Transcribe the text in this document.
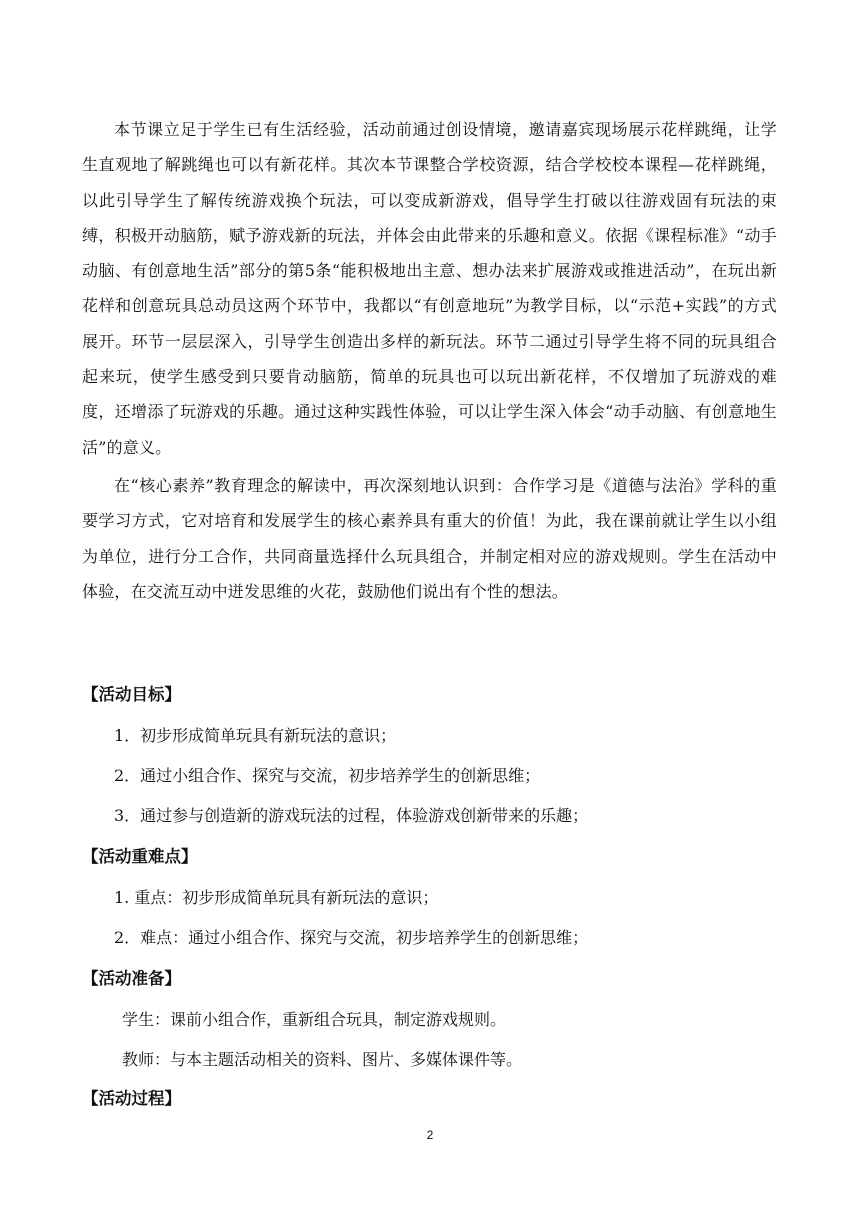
本节课立足于学生已有生活经验，活动前通过创设情境，邀请嘉宾现场展示花样跳绳，让学生直观地了解跳绳也可以有新花样。其次本节课整合学校资源，结合学校校本课程—花样跳绳，以此引导学生了解传统游戏换个玩法，可以变成新游戏，倡导学生打破以往游戏固有玩法的束缚，积极开动脑筋，赋予游戏新的玩法，并体会由此带来的乐趣和意义。依据《课程标准》“动手动脑、有创意地生活”部分的第5条“能积极地出主意、想办法来扩展游戏或推进活动”，在玩出新花样和创意玩具总动员这两个环节中，我都以“有创意地玩”为教学目标，以“示范+实践”的方式展开。环节一层层深入，引导学生创造出多样的新玩法。环节二通过引导学生将不同的玩具组合起来玩，使学生感受到只要肯动脑筋，简单的玩具也可以玩出新花样，不仅增加了玩游戏的难度，还增添了玩游戏的乐趣。通过这种实践性体验，可以让学生深入体会“动手动脑、有创意地生活”的意义。

在“核心素养”教育理念的解读中，再次深刻地认识到：合作学习是《道德与法治》学科的重要学习方式，它对培育和发展学生的核心素养具有重大的价值！为此，我在课前就让学生以小组为单位，进行分工合作，共同商量选择什么玩具组合，并制定相对应的游戏规则。学生在活动中体验，在交流互动中迸发思维的火花，鼓励他们说出有个性的想法。

【活动目标】

1．初步形成简单玩具有新玩法的意识；

2．通过小组合作、探究与交流，初步培养学生的创新思维；

3．通过参与创造新的游戏玩法的过程，体验游戏创新带来的乐趣；

【活动重难点】

1. 重点：初步形成简单玩具有新玩法的意识；

2．难点：通过小组合作、探究与交流，初步培养学生的创新思维；

【活动准备】

学生：课前小组合作，重新组合玩具，制定游戏规则。

教师：与本主题活动相关的资料、图片、多媒体课件等。

【活动过程】
2
